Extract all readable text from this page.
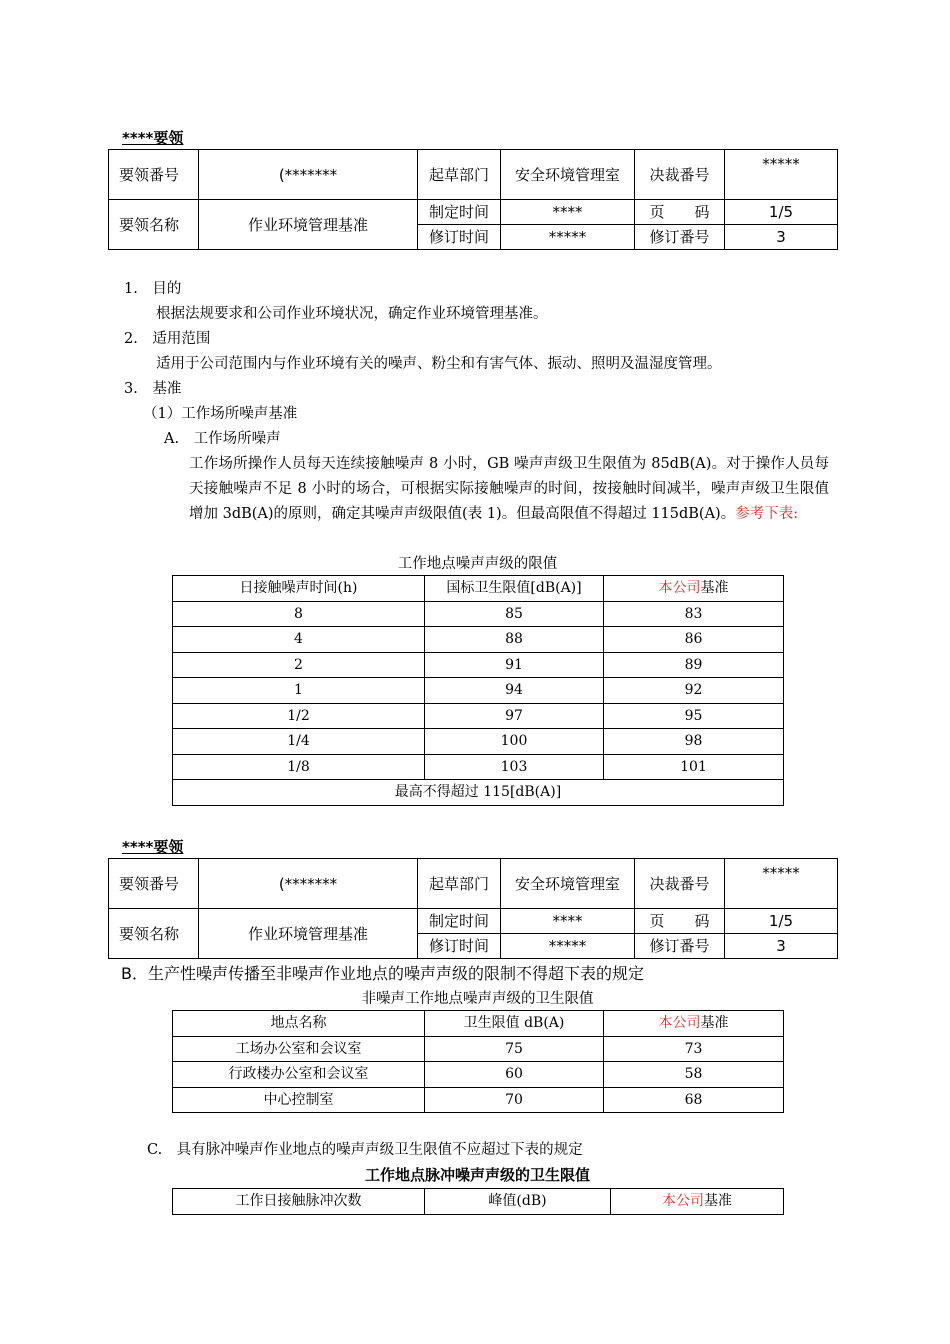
****要领
要领番号	(*******	起草部门	安全环境管理室	决裁番号	*****
要领名称	作业环境管理基准	制定时间	****	页　　码	1/5
		修订时间	*****	修订番号	3
1.　目的
根据法规要求和公司作业环境状况，确定作业环境管理基准。
2.　适用范围
适用于公司范围内与作业环境有关的噪声、粉尘和有害气体、振动、照明及温湿度管理。
3.　基准
（1）工作场所噪声基准
A.　工作场所噪声
工作场所操作人员每天连续接触噪声 8 小时，GB 噪声声级卫生限值为 85dB(A)。对于操作人员每天接触噪声不足 8 小时的场合，可根据实际接触噪声的时间，按接触时间减半，噪声声级卫生限值增加 3dB(A)的原则，确定其噪声声级限值(表 1)。但最高限值不得超过 115dB(A)。参考下表:
工作地点噪声声级的限值
日接触噪声时间(h)	国标卫生限值[dB(A)]	本公司基准
8	85	83
4	88	86
2	91	89
1	94	92
1/2	97	95
1/4	100	98
1/8	103	101
最高不得超过 115[dB(A)]		
****要领
要领番号	(*******	起草部门	安全环境管理室	决裁番号	*****
要领名称	作业环境管理基准	制定时间	****	页　　码	1/5
		修订时间	*****	修订番号	3
B．生产性噪声传播至非噪声作业地点的噪声声级的限制不得超下表的规定
非噪声工作地点噪声声级的卫生限值
地点名称	卫生限值 dB(A)	本公司基准
工场办公室和会议室	75	73
行政楼办公室和会议室	60	58
中心控制室	70	68
C.　具有脉冲噪声作业地点的噪声声级卫生限值不应超过下表的规定
工作地点脉冲噪声声级的卫生限值
工作日接触脉冲次数	峰值(dB)	本公司基准
